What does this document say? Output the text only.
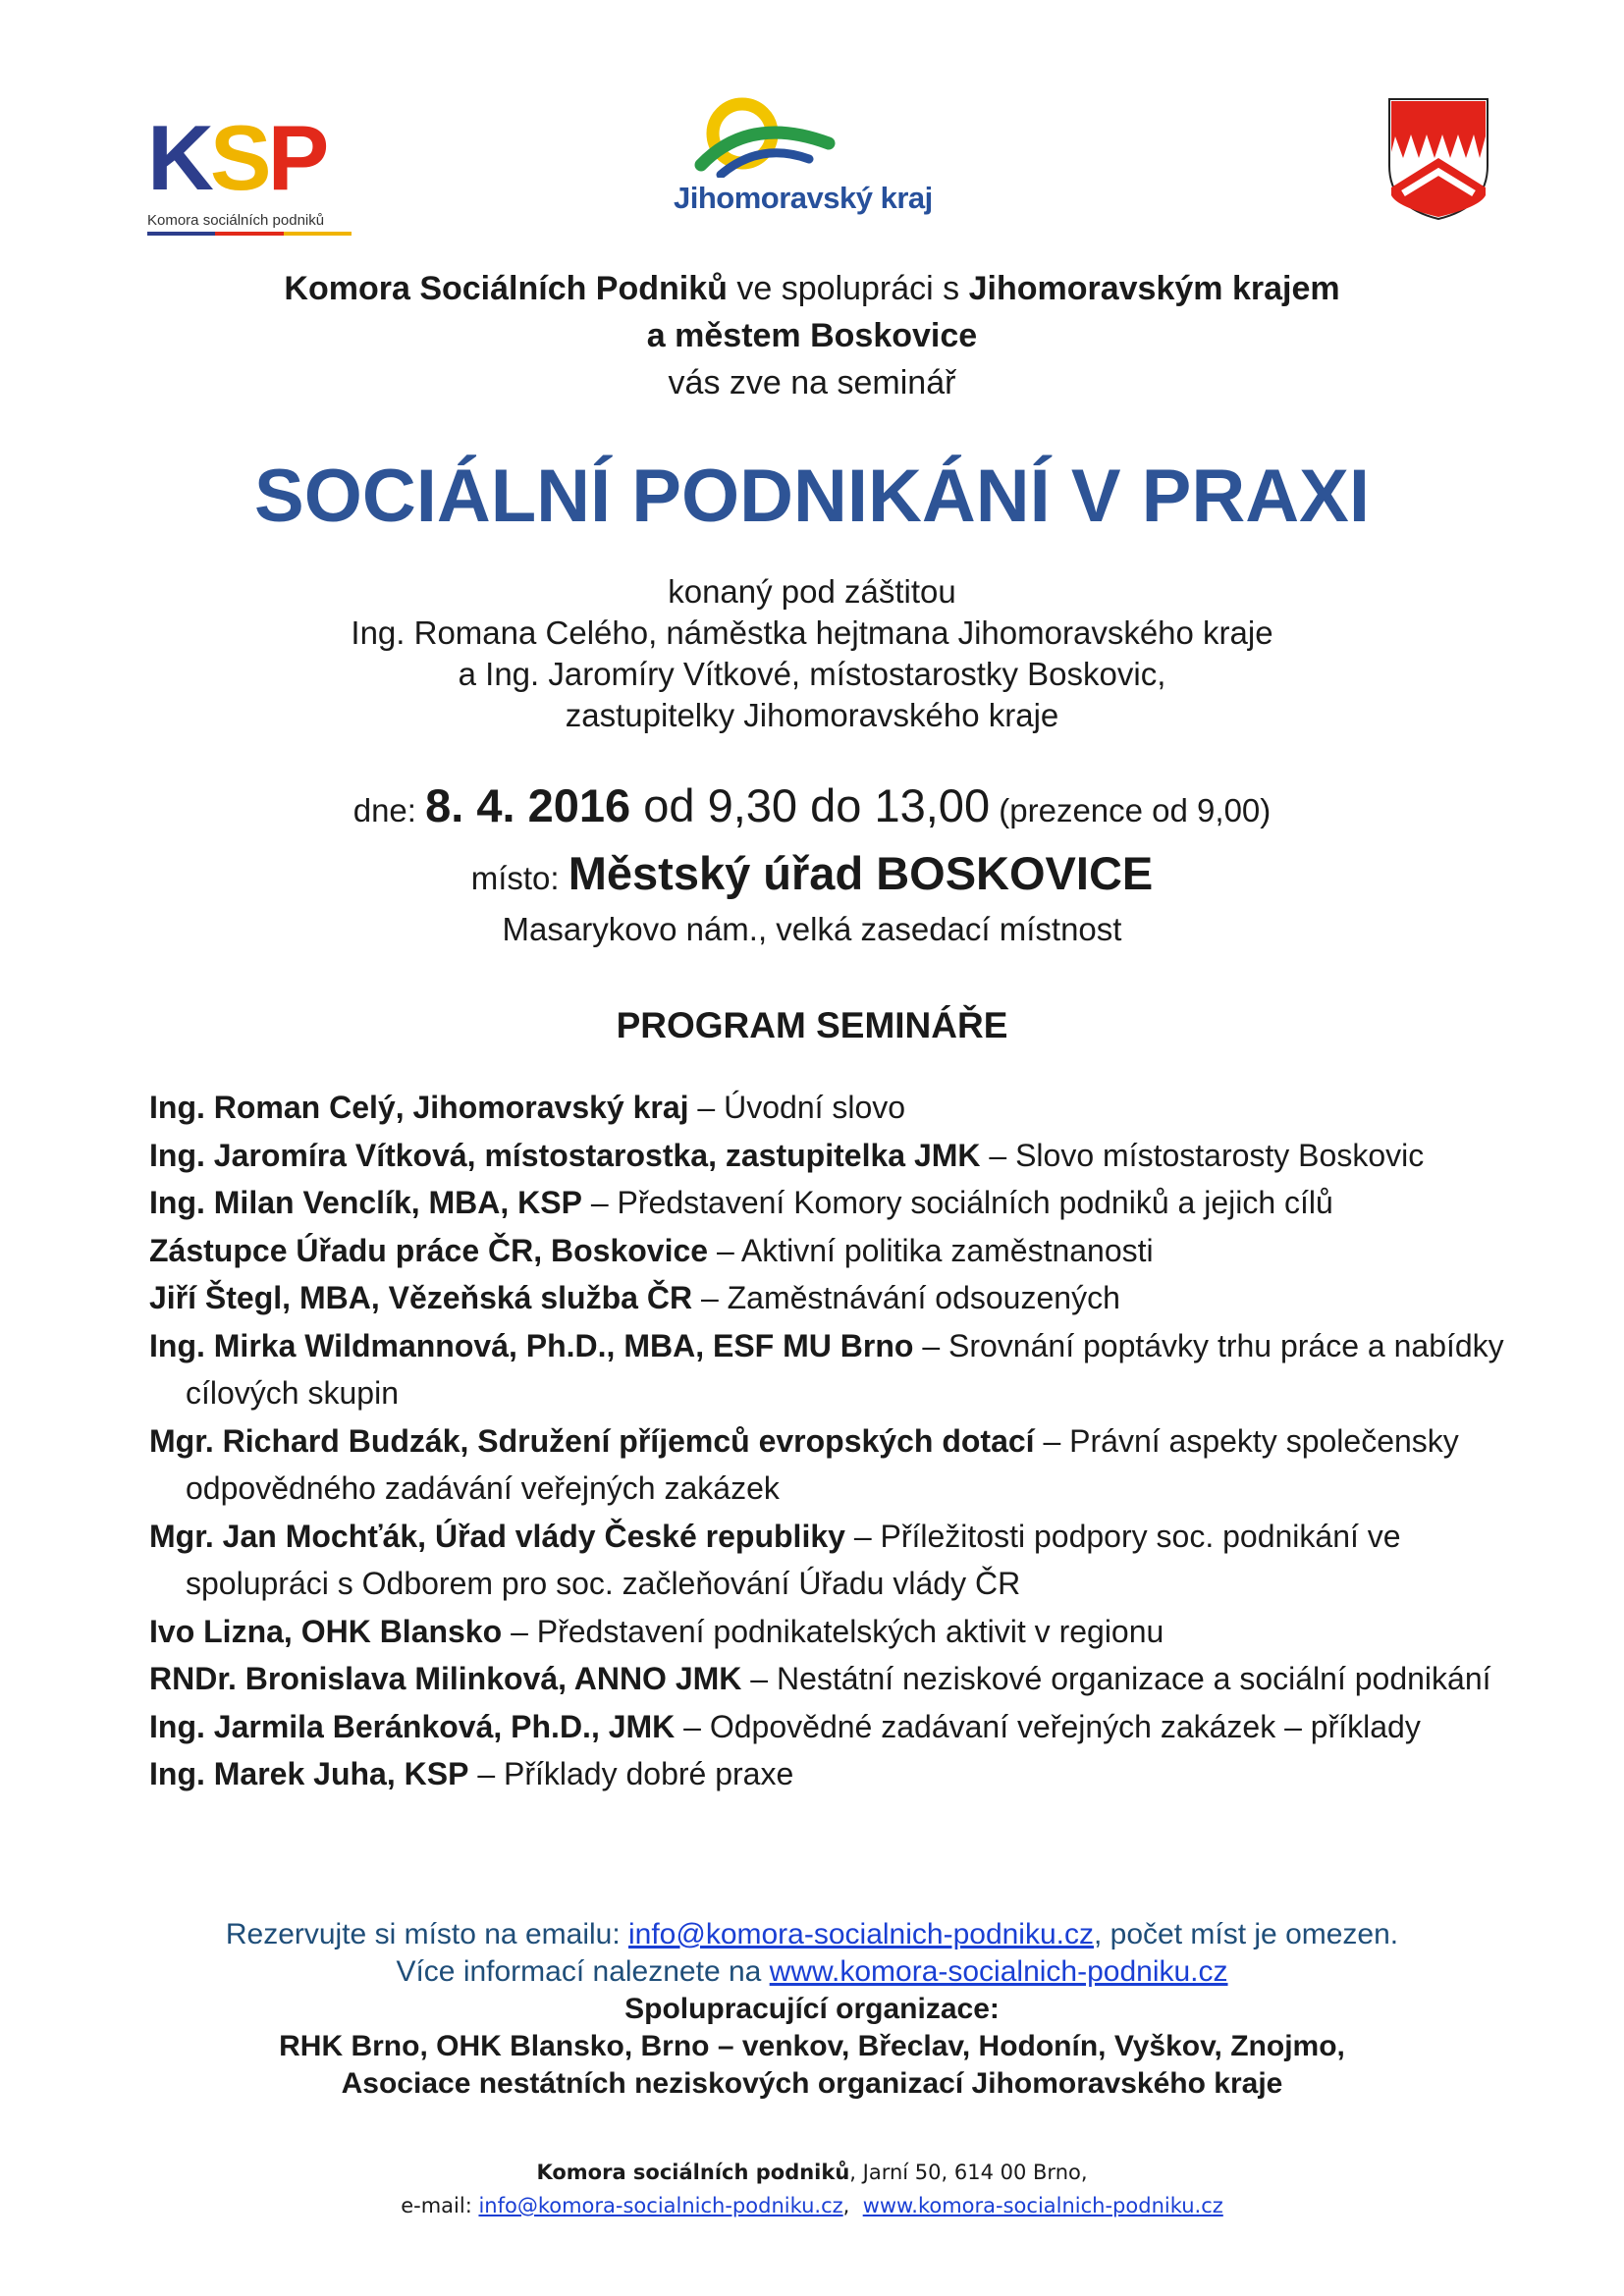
KSP
Komora sociálních podniků
Jihomoravský kraj
Komora Sociálních Podniků ve spolupráci s Jihomoravským krajem
a městem Boskovice
vás zve na seminář
SOCIÁLNÍ PODNIKÁNÍ V PRAXI
konaný pod záštitou
Ing. Romana Celého, náměstka hejtmana Jihomoravského kraje
a Ing. Jaromíry Vítkové, místostarostky Boskovic,
zastupitelky Jihomoravského kraje
dne: 8. 4. 2016 od 9,30 do 13,00 (prezence od 9,00)
místo: Městský úřad BOSKOVICE
Masarykovo nám., velká zasedací místnost
PROGRAM SEMINÁŘE
Ing. Roman Celý, Jihomoravský kraj – Úvodní slovo
Ing. Jaromíra Vítková, místostarostka, zastupitelka JMK – Slovo místostarosty Boskovic
Ing. Milan Venclík, MBA, KSP – Představení Komory sociálních podniků a jejich cílů
Zástupce Úřadu práce ČR, Boskovice – Aktivní politika zaměstnanosti
Jiří Štegl, MBA, Vězeňská služba ČR – Zaměstnávání odsouzených
Ing. Mirka Wildmannová, Ph.D., MBA, ESF MU Brno – Srovnání poptávky trhu práce a nabídky cílových skupin
Mgr. Richard Budzák, Sdružení příjemců evropských dotací – Právní aspekty společensky odpovědného zadávání veřejných zakázek
Mgr. Jan Mochťák, Úřad vlády České republiky – Příležitosti podpory soc. podnikání ve spolupráci s Odborem pro soc. začleňování Úřadu vlády ČR
Ivo Lizna, OHK Blansko – Představení podnikatelských aktivit v regionu
RNDr. Bronislava Milinková, ANNO JMK – Nestátní neziskové organizace a sociální podnikání
Ing. Jarmila Beránková, Ph.D., JMK – Odpovědné zadávaní veřejných zakázek – příklady
Ing. Marek Juha, KSP – Příklady dobré praxe
Rezervujte si místo na emailu: info@komora-socialnich-podniku.cz, počet míst je omezen.
Více informací naleznete na www.komora-socialnich-podniku.cz
Spolupracující organizace:
RHK Brno, OHK Blansko, Brno – venkov, Břeclav, Hodonín, Vyškov, Znojmo,
Asociace nestátních neziskových organizací Jihomoravského kraje
Komora sociálních podniků, Jarní 50, 614 00 Brno,
e-mail: info@komora-socialnich-podniku.cz,  www.komora-socialnich-podniku.cz
